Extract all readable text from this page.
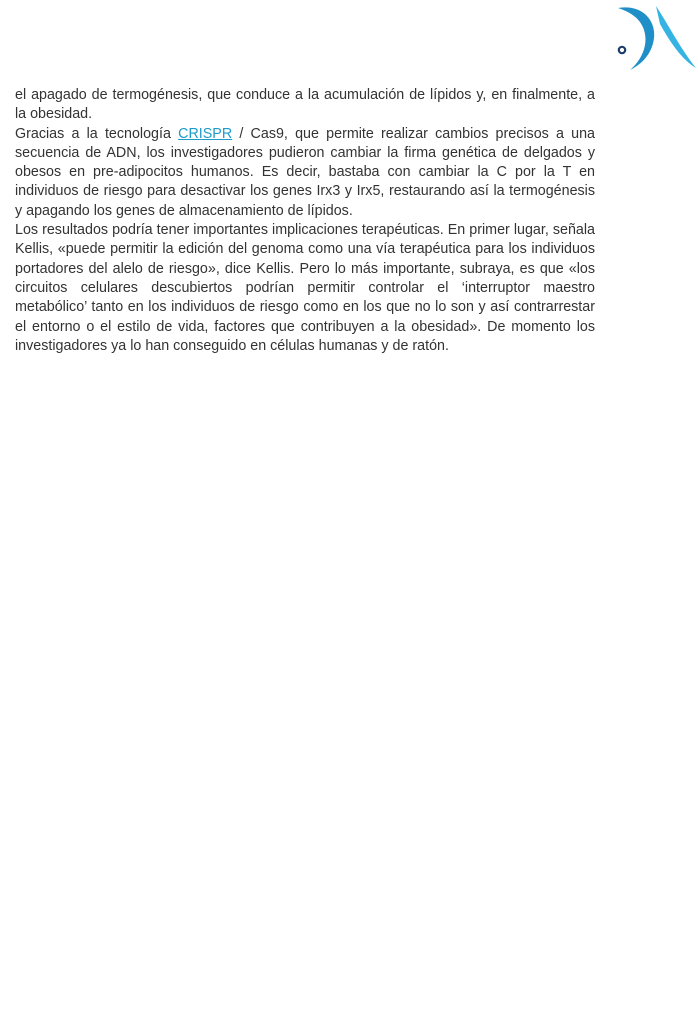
el apagado de termogénesis, que conduce a la acumulación de lípidos y, en finalmente, a la obesidad.

Gracias a la tecnología CRISPR / Cas9, que permite realizar cambios precisos a una secuencia de ADN, los investigadores pudieron cambiar la firma genética de delgados y obesos en pre-adipocitos humanos. Es decir, bastaba con cambiar la C por la T en individuos de riesgo para desactivar los genes Irx3 y Irx5, restaurando así la termogénesis y apagando los genes de almacenamiento de lípidos.

Los resultados podría tener importantes implicaciones terapéuticas. En primer lugar, señala Kellis, «puede permitir la edición del genoma como una vía terapéutica para los individuos portadores del alelo de riesgo», dice Kellis. Pero lo más importante, subraya, es que «los circuitos celulares descubiertos podrían permitir controlar el ‘interruptor maestro metabólico’ tanto en los individuos de riesgo como en los que no lo son y así contrarrestar el entorno o el estilo de vida, factores que contribuyen a la obesidad». De momento los investigadores ya lo han conseguido en células humanas y de ratón.
